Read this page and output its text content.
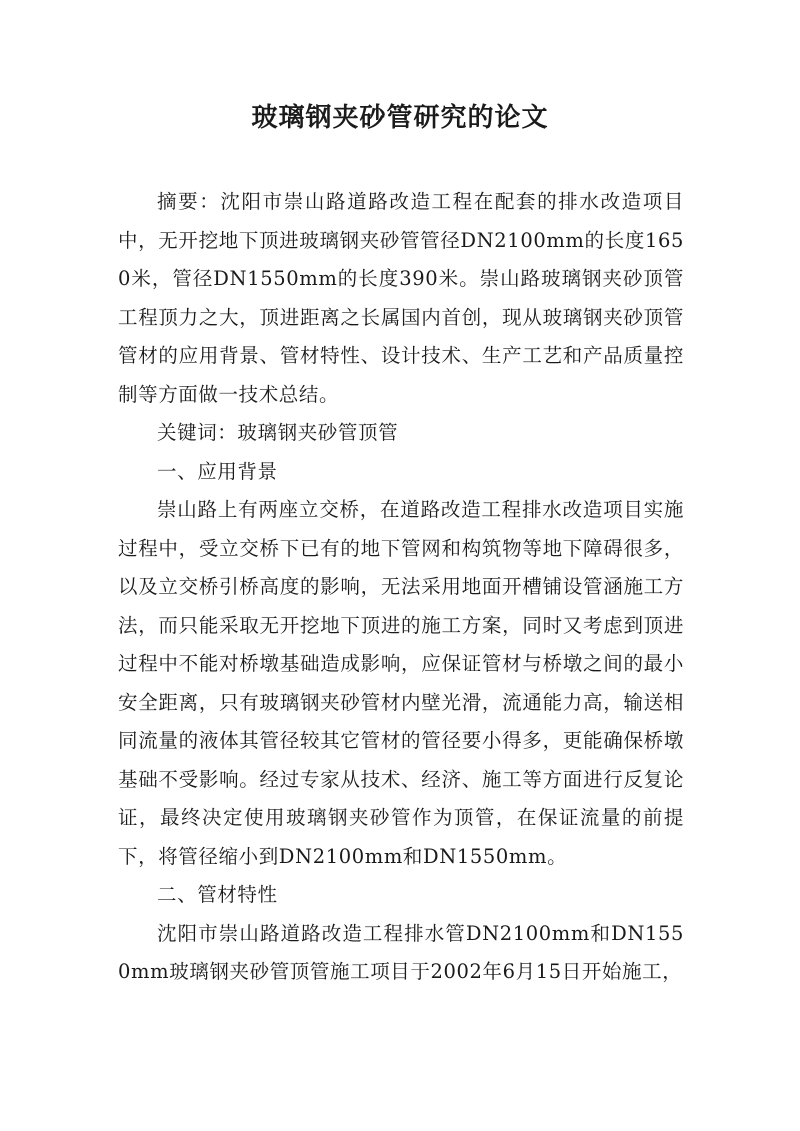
玻璃钢夹砂管研究的论文

摘要：沈阳市崇山路道路改造工程在配套的排水改造项目中，无开挖地下顶进玻璃钢夹砂管管径DN2100mm的长度1650米，管径DN1550mm的长度390米。崇山路玻璃钢夹砂顶管工程顶力之大，顶进距离之长属国内首创，现从玻璃钢夹砂顶管管材的应用背景、管材特性、设计技术、生产工艺和产品质量控制等方面做一技术总结。

关键词：玻璃钢夹砂管顶管

一、应用背景

崇山路上有两座立交桥，在道路改造工程排水改造项目实施过程中，受立交桥下已有的地下管网和构筑物等地下障碍很多，以及立交桥引桥高度的影响，无法采用地面开槽铺设管涵施工方法，而只能采取无开挖地下顶进的施工方案，同时又考虑到顶进过程中不能对桥墩基础造成影响，应保证管材与桥墩之间的最小安全距离，只有玻璃钢夹砂管材内壁光滑，流通能力高，输送相同流量的液体其管径较其它管材的管径要小得多，更能确保桥墩基础不受影响。经过专家从技术、经济、施工等方面进行反复论证，最终决定使用玻璃钢夹砂管作为顶管，在保证流量的前提下，将管径缩小到DN2100mm和DN1550mm。

二、管材特性

沈阳市崇山路道路改造工程排水管DN2100mm和DN1550mm玻璃钢夹砂管顶管施工项目于2002年6月15日开始施工，
